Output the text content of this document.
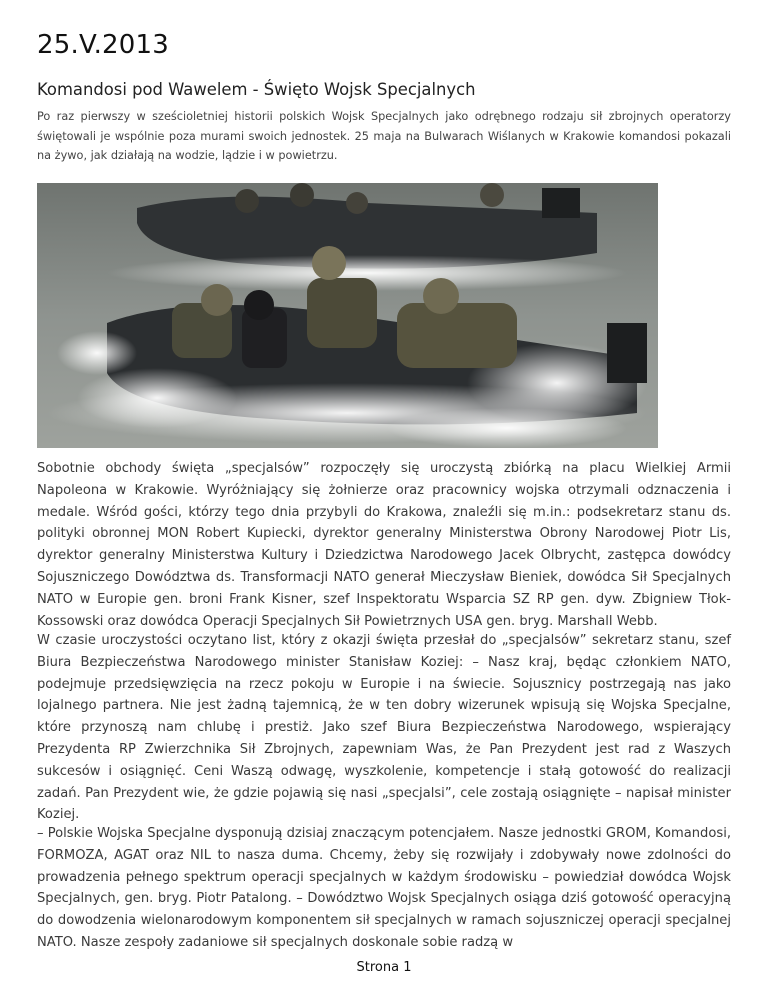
25.V.2013
Komandosi pod Wawelem - Święto Wojsk Specjalnych

Po raz pierwszy w sześcioletniej historii polskich Wojsk Specjalnych jako odrębnego rodzaju sił zbrojnych operatorzy świętowali je wspólnie poza murami swoich jednostek. 25 maja na Bulwarach Wiślanych w Krakowie komandosi pokazali na żywo, jak działają na wodzie, lądzie i w powietrzu.

Sobotnie obchody święta „specjalsów” rozpoczęły się uroczystą zbiórką na placu Wielkiej Armii Napoleona w Krakowie. Wyróżniający się żołnierze oraz pracownicy wojska otrzymali odznaczenia i medale. Wśród gości, którzy tego dnia przybyli do Krakowa, znaleźli się m.in.: podsekretarz stanu ds. polityki obronnej MON Robert Kupiecki, dyrektor generalny Ministerstwa Obrony Narodowej Piotr Lis, dyrektor generalny Ministerstwa Kultury i Dziedzictwa Narodowego Jacek Olbrycht, zastępca dowódcy Sojuszniczego Dowództwa ds. Transformacji NATO generał Mieczysław Bieniek, dowódca Sił Specjalnych NATO w Europie gen. broni Frank Kisner, szef Inspektoratu Wsparcia SZ RP gen. dyw. Zbigniew Tłok-Kossowski oraz dowódca Operacji Specjalnych Sił Powietrznych USA gen. bryg. Marshall Webb.

W czasie uroczystości oczytano list, który z okazji święta przesłał do „specjalsów” sekretarz stanu, szef Biura Bezpieczeństwa Narodowego minister Stanisław Koziej: – Nasz kraj, będąc członkiem NATO, podejmuje przedsięwzięcia na rzecz pokoju w Europie i na świecie. Sojusznicy postrzegają nas jako lojalnego partnera. Nie jest żadną tajemnicą, że w ten dobry wizerunek wpisują się Wojska Specjalne, które przynoszą nam chlubę i prestiż. Jako szef Biura Bezpieczeństwa Narodowego, wspierający Prezydenta RP Zwierzchnika Sił Zbrojnych, zapewniam Was, że Pan Prezydent jest rad z Waszych sukcesów i osiągnięć. Ceni Waszą odwagę, wyszkolenie, kompetencje i stałą gotowość do realizacji zadań. Pan Prezydent wie, że gdzie pojawią się nasi „specjalsi”, cele zostają osiągnięte – napisał minister Koziej.

– Polskie Wojska Specjalne dysponują dzisiaj znaczącym potencjałem. Nasze jednostki GROM, Komandosi, FORMOZA, AGAT oraz NIL to nasza duma. Chcemy, żeby się rozwijały i zdobywały nowe zdolności do prowadzenia pełnego spektrum operacji specjalnych w każdym środowisku – powiedział dowódca Wojsk Specjalnych, gen. bryg. Piotr Patalong. – Dowództwo Wojsk Specjalnych osiąga dziś gotowość operacyjną do dowodzenia wielonarodowym komponentem sił specjalnych w ramach sojuszniczej operacji specjalnej NATO. Nasze zespoły zadaniowe sił specjalnych doskonale sobie radzą w

Strona 1
